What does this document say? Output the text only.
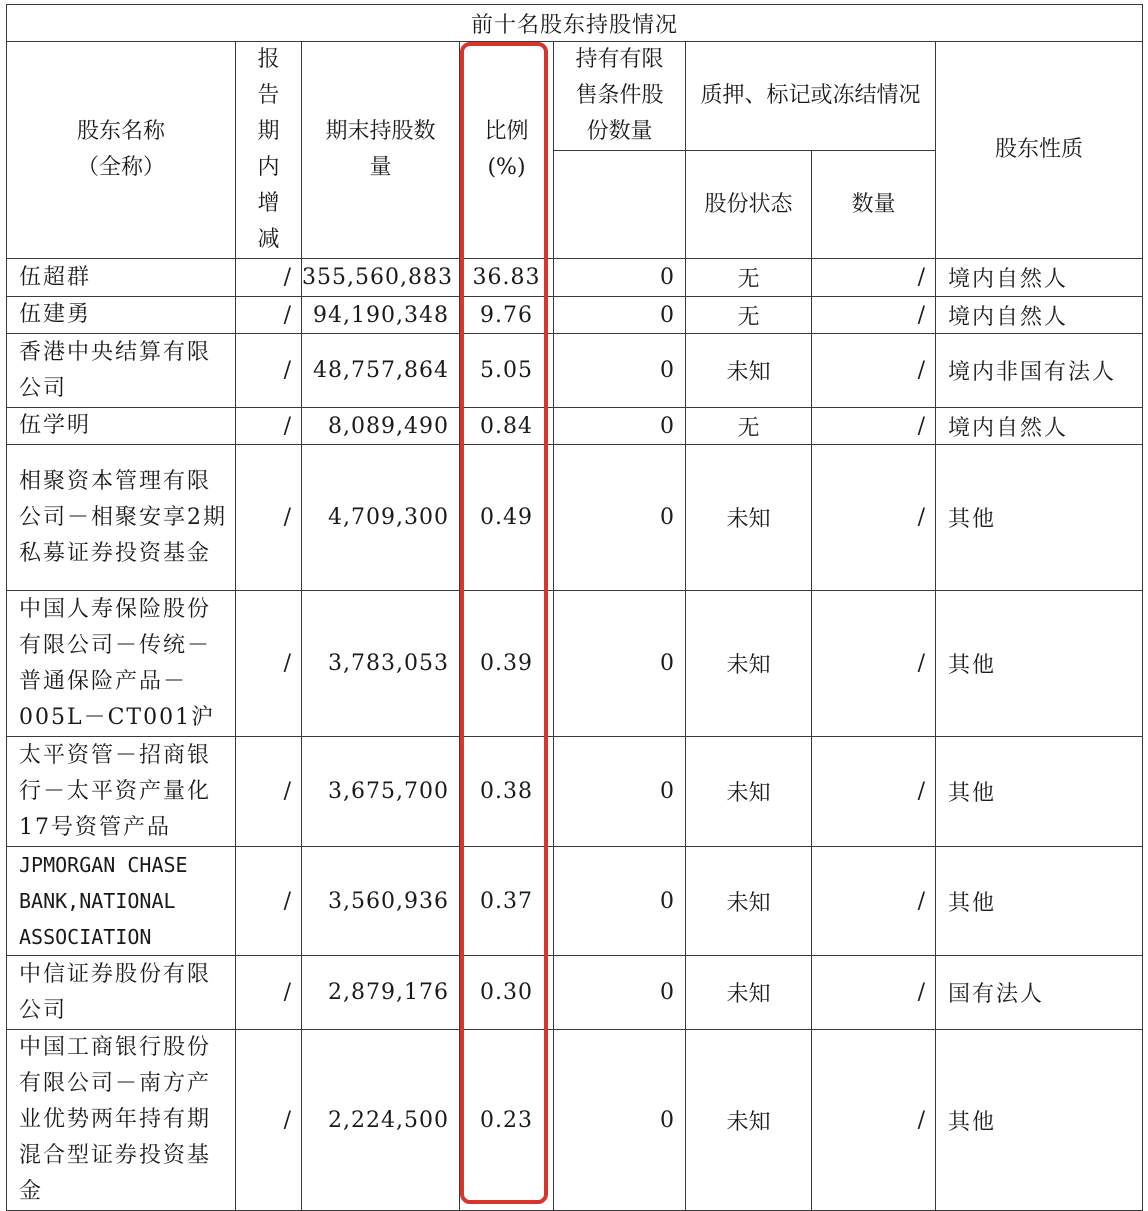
前十名股东持股情况							

股东名称（全称）	报告期内增减	期末持股数量	比例(%)	持有有限售条件股份数量	质押、标记或冻结情况		股东性质
					股份状态	数量	
伍超群	/	355,560,883	36.83	0	无	/	境内自然人
伍建勇	/	94,190,348	9.76	0	无	/	境内自然人
香港中央结算有限公司	/	48,757,864	5.05	0	未知	/	境内非国有法人
伍学明	/	8,089,490	0.84	0	无	/	境内自然人
相聚资本管理有限公司－相聚安享2期私募证券投资基金	/	4,709,300	0.49	0	未知	/	其他
中国人寿保险股份有限公司－传统－普通保险产品－005L－CT001沪	/	3,783,053	0.39	0	未知	/	其他
太平资管－招商银行－太平资产量化17号资管产品	/	3,675,700	0.38	0	未知	/	其他
JPMORGAN CHASE BANK,NATIONAL ASSOCIATION	/	3,560,936	0.37	0	未知	/	其他
中信证券股份有限公司	/	2,879,176	0.30	0	未知	/	国有法人
中国工商银行股份有限公司－南方产业优势两年持有期混合型证券投资基金	/	2,224,500	0.23	0	未知	/	其他
